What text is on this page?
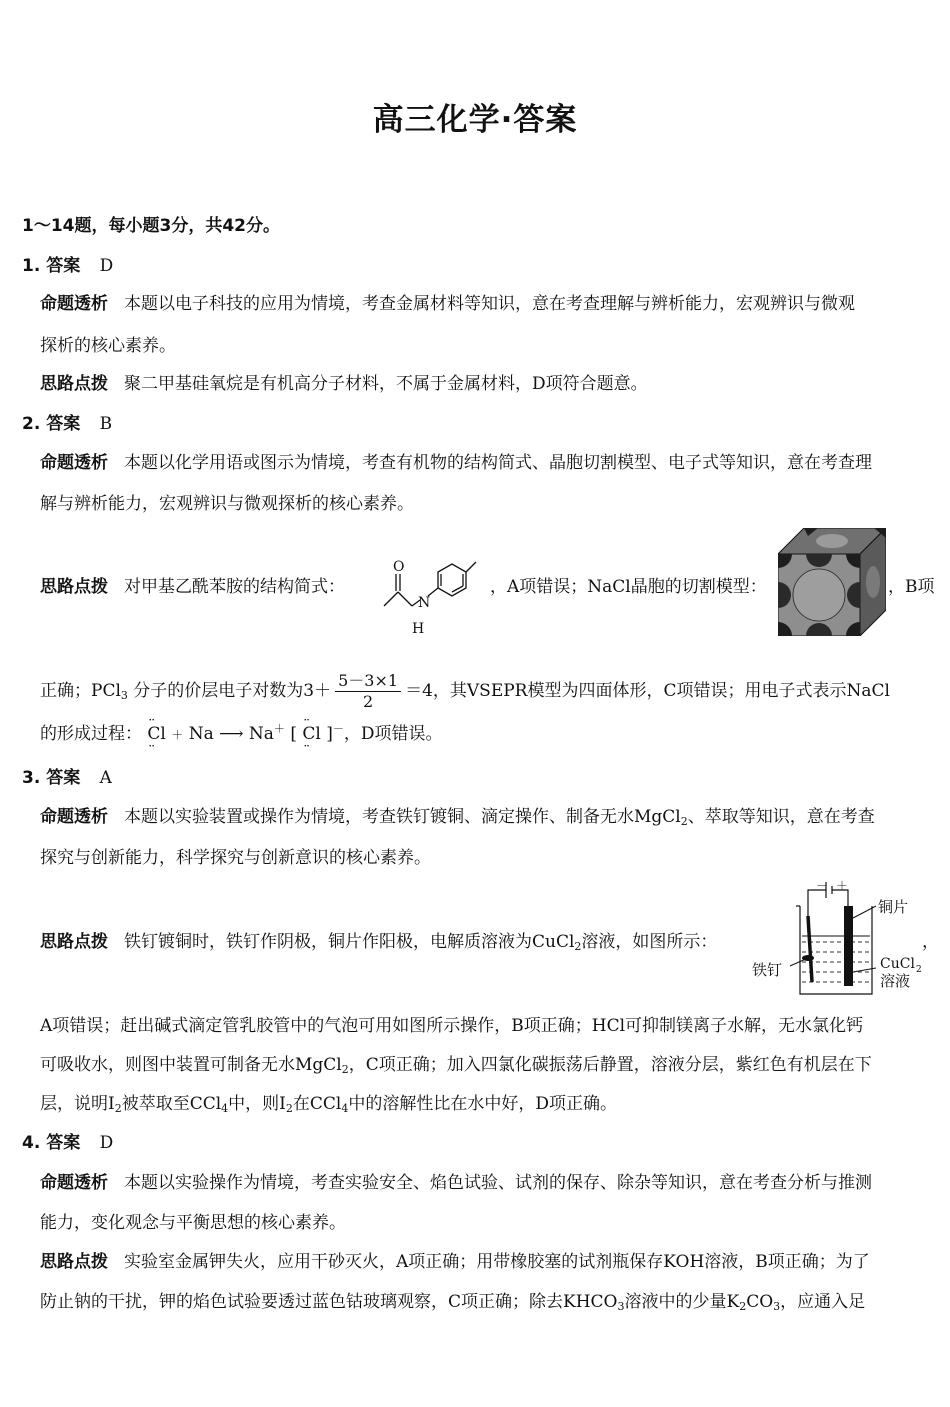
高三化学·答案
1～14题，每小题3分，共42分。
1. 答案 D
命题透析 本题以电子科技的应用为情境，考查金属材料等知识，意在考查理解与辨析能力，宏观辨识与微观
探析的核心素养。
思路点拨 聚二甲基硅氧烷是有机高分子材料，不属于金属材料，D项符合题意。
2. 答案 B
命题透析 本题以化学用语或图示为情境，考查有机物的结构简式、晶胞切割模型、电子式等知识，意在考查理
解与辨析能力，宏观辨识与微观探析的核心素养。
思路点拨 对甲基乙酰苯胺的结构简式：
O
N
H
，A项错误；NaCl晶胞的切割模型：	，B项
正确；PCl$_3$ 分子的价层电子对数为$3+ \frac{5-3\times 1}{2} =4$，其VSEPR模型为四面体形，C项错误；用电子式表示NaCl
的形成过程： ·· Cl ·· ＋ Na ⟶ Na＋ [ ·· Cl ·· ]－，D项错误。
3. 答案 A
命题透析 本题以实验装置或操作为情境，考查铁钉镀铜、滴定操作、制备无水MgCl$_2$、萃取等知识，意在考查
探究与创新能力，科学探究与创新意识的核心素养。
思路点拨 铁钉镀铜时，铁钉作阴极，铜片作阳极，电解质溶液为CuCl$_2$溶液，如图所示：
－ ＋
铜片
CuCl 2
溶液
铁钉
，
A项错误；赶出碱式滴定管乳胶管中的气泡可用如图所示操作，B项正确；HCl可抑制镁离子水解，无水氯化钙
可吸收水，则图中装置可制备无水MgCl$_2$，C项正确；加入四氯化碳振荡后静置，溶液分层，紫红色有机层在下
层，说明$I_2$被萃取至CCl$_4$中，则$I_2$在CCl$_4$中的溶解性比在水中好，D项正确。
4. 答案 D
命题透析 本题以实验操作为情境，考查实验安全、焰色试验、试剂的保存、除杂等知识，意在考查分析与推测
能力，变化观念与平衡思想的核心素养。
思路点拨 实验室金属钾失火，应用干砂灭火，A项正确；用带橡胶塞的试剂瓶保存KOH溶液，B项正确；为了
防止钠的干扰，钾的焰色试验要透过蓝色钴玻璃观察，C项正确；除去$KHCO_3$溶液中的少量$K_2CO_3$，应通入足
